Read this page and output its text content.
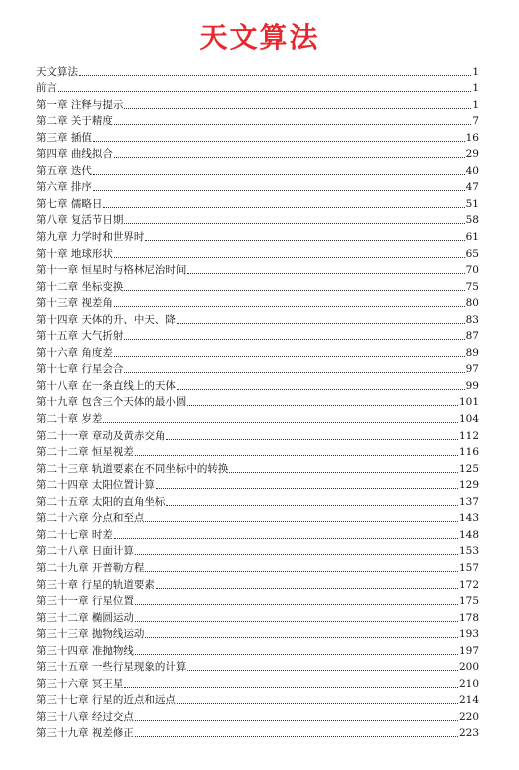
天文算法
天文算法	1
前言	1
第一章 注释与提示	1
第二章 关于精度	7
第三章 插值	16
第四章 曲线拟合	29
第五章 迭代	40
第六章 排序	47
第七章 儒略日	51
第八章 复活节日期	58
第九章 力学时和世界时	61
第十章 地球形状	65
第十一章 恒星时与格林尼治时间	70
第十二章 坐标变换	75
第十三章 视差角	80
第十四章 天体的升、中天、降	83
第十五章 大气折射	87
第十六章 角度差	89
第十七章 行星会合	97
第十八章 在一条直线上的天体	99
第十九章 包含三个天体的最小圆	101
第二十章 岁差	104
第二十一章 章动及黄赤交角	112
第二十二章 恒星视差	116
第二十三章 轨道要素在不同坐标中的转换	125
第二十四章 太阳位置计算	129
第二十五章 太阳的直角坐标	137
第二十六章 分点和至点	143
第二十七章 时差	148
第二十八章 日面计算	153
第二十九章 开普勒方程	157
第三十章 行星的轨道要素	172
第三十一章 行星位置	175
第三十二章 椭圆运动	178
第三十三章 抛物线运动	193
第三十四章 准抛物线	197
第三十五章 一些行星现象的计算	200
第三十六章 冥王星	210
第三十七章 行星的近点和远点	214
第三十八章 经过交点	220
第三十九章 视差修正	223
